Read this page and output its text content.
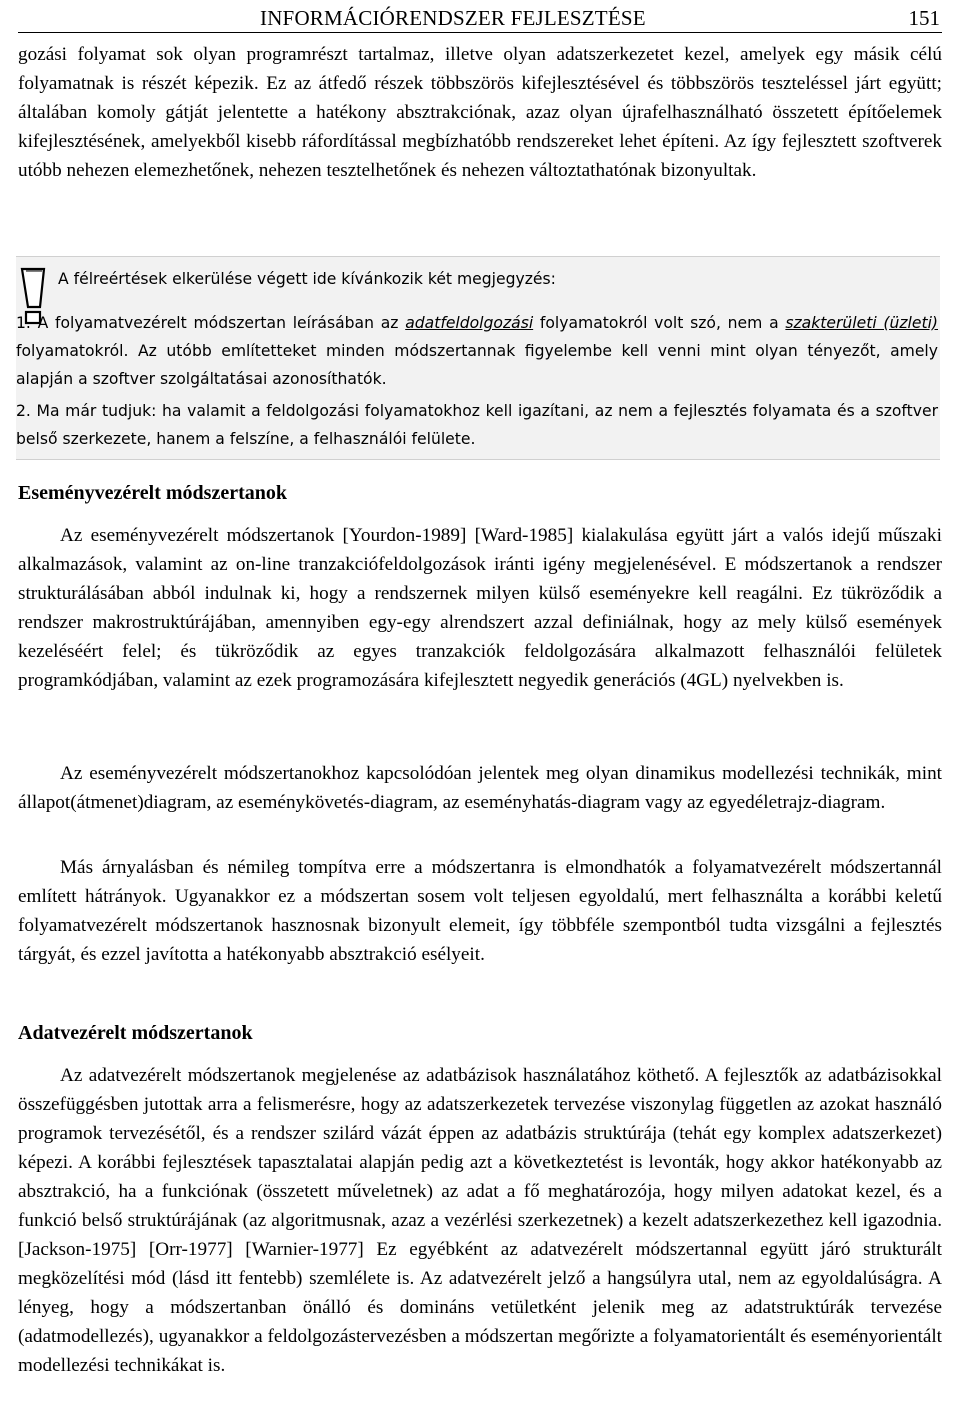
INFORMÁCIÓRENDSZER FEJLESZTÉSE	151

gozási folyamat sok olyan programrészt tartalmaz, illetve olyan adatszerkezetet kezel, amelyek egy másik célú folyamatnak is részét képezik. Ez az átfedő részek többszörös kifejlesztésével és többszörös teszteléssel járt együtt; általában komoly gátját jelentette a hatékony absztrakciónak, azaz olyan újrafelhasználható összetett építőelemek kifejlesztésének, amelyekből kisebb ráfordítással megbízhatóbb rendszereket lehet építeni. Az így fejlesztett szoftverek utóbb nehezen elemezhetőnek, nehezen tesztelhetőnek és nehezen változtathatónak bizonyultak.

A félreértések elkerülése végett ide kívánkozik két megjegyzés:

1. A folyamatvezérelt módszertan leírásában az adatfeldolgozási folyamatokról volt szó, nem a szakterületi (üzleti) folyamatokról. Az utóbb említetteket minden módszertannak figyelembe kell venni mint olyan tényezőt, amely alapján a szoftver szolgáltatásai azonosíthatók.

2. Ma már tudjuk: ha valamit a feldolgozási folyamatokhoz kell igazítani, az nem a fejlesztés folyamata és a szoftver belső szerkezete, hanem a felszíne, a felhasználói felülete.

Eseményvezérelt módszertanok

Az eseményvezérelt módszertanok [Yourdon-1989] [Ward-1985] kialakulása együtt járt a valós idejű műszaki alkalmazások, valamint az on-line tranzakciófeldolgozások iránti igény megjelenésével. E módszertanok a rendszer strukturálásában abból indulnak ki, hogy a rendszernek milyen külső eseményekre kell reagálni. Ez tükröződik a rendszer makrostruktúrájában, amennyiben egy-egy alrendszert azzal definiálnak, hogy az mely külső események kezeléséért felel; és tükröződik az egyes tranzakciók feldolgozására alkalmazott felhasználói felületek programkódjában, valamint az ezek programozására kifejlesztett negyedik generációs (4GL) nyelvekben is.

Az eseményvezérelt módszertanokhoz kapcsolódóan jelentek meg olyan dinamikus modellezési technikák, mint állapot(átmenet)diagram, az eseménykövetés-diagram, az eseményhatás-diagram vagy az egyedéletrajz-diagram.

Más árnyalásban és némileg tompítva erre a módszertanra is elmondhatók a folyamatvezérelt módszertannál említett hátrányok. Ugyanakkor ez a módszertan sosem volt teljesen egyoldalú, mert felhasználta a korábbi keletű folyamatvezérelt módszertanok hasznosnak bizonyult elemeit, így többféle szempontból tudta vizsgálni a fejlesztés tárgyát, és ezzel javította a hatékonyabb absztrakció esélyeit.

Adatvezérelt módszertanok

Az adatvezérelt módszertanok megjelenése az adatbázisok használatához köthető. A fejlesztők az adatbázisokkal összefüggésben jutottak arra a felismerésre, hogy az adatszerkezetek tervezése viszonylag független az azokat használó programok tervezésétől, és a rendszer szilárd vázát éppen az adatbázis struktúrája (tehát egy komplex adatszerkezet) képezi. A korábbi fejlesztések tapasztalatai alapján pedig azt a következtetést is levonták, hogy akkor hatékonyabb az absztrakció, ha a funkciónak (összetett műveletnek) az adat a fő meghatározója, hogy milyen adatokat kezel, és a funkció belső struktúrájának (az algoritmusnak, azaz a vezérlési szerkezetnek) a kezelt adatszerkezethez kell igazodnia. [Jackson-1975] [Orr-1977] [Warnier-1977] Ez egyébként az adatvezérelt módszertannal együtt járó strukturált megközelítési mód (lásd itt fentebb) szemlélete is. Az adatvezérelt jelző a hangsúlyra utal, nem az egyoldalúságra. A lényeg, hogy a módszertanban önálló és domináns vetületként jelenik meg az adatstruktúrák tervezése (adatmodellezés), ugyanakkor a feldolgozástervezésben a módszertan megőrizte a folyamatorientált és eseményorientált modellezési technikákat is.
